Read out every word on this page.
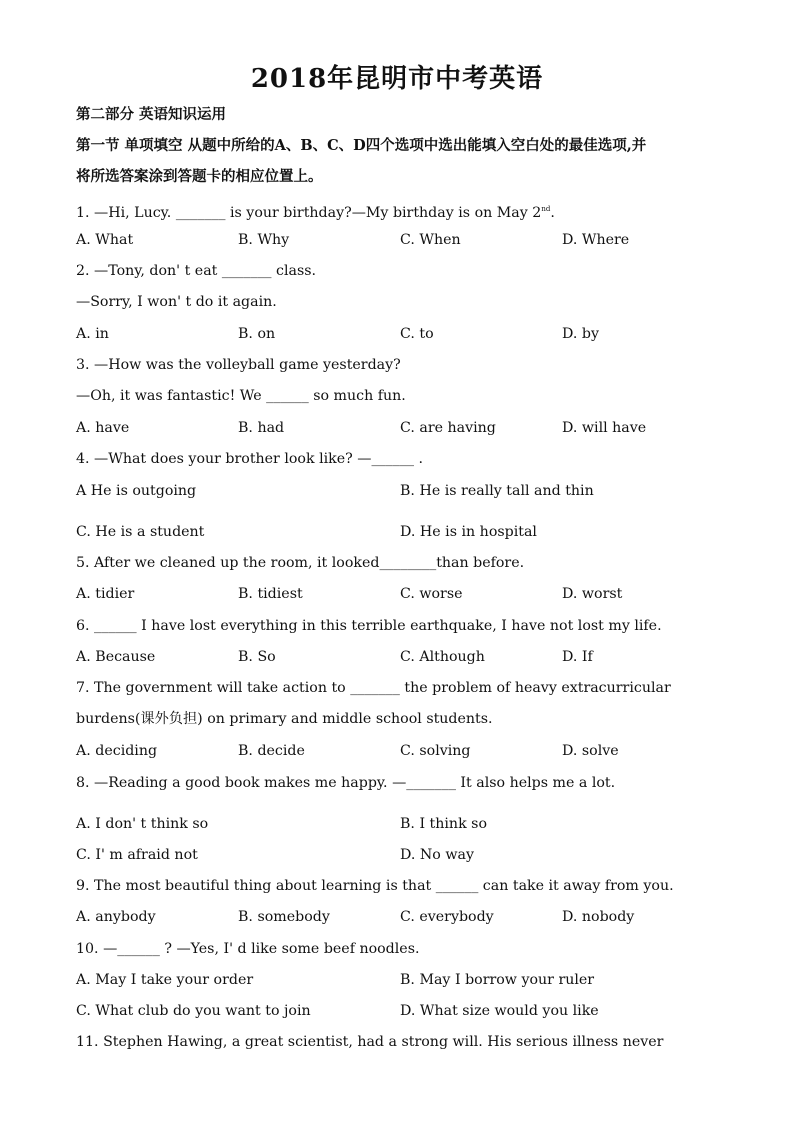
2018年昆明市中考英语
第二部分 英语知识运用
第一节 单项填空 从题中所给的A、B、C、D四个选项中选出能填入空白处的最佳选项,并
将所选答案涂到答题卡的相应位置上。
1. —Hi, Lucy. _______ is your birthday?—My birthday is on May 2nd.
A. What	B. Why	C. When	D. Where
2. —Tony, don' t eat _______ class.
—Sorry, I won' t do it again.
A. in	B. on	C. to	D. by
3. —How was the volleyball game yesterday?
—Oh, it was fantastic! We ______ so much fun.
A. have	B. had	C. are having	D. will have
4. —What does your brother look like? —______ .
A He is outgoing	B. He is really tall and thin
C. He is a student	D. He is in hospital
5. After we cleaned up the room, it looked________than before.
A. tidier	B. tidiest	C. worse	D. worst
6. ______ I have lost everything in this terrible earthquake, I have not lost my life.
A. Because	B. So	C. Although	D. If
7. The government will take action to _______ the problem of heavy extracurricular
burdens(课外负担) on primary and middle school students.
A. deciding	B. decide	C. solving	D. solve
8. —Reading a good book makes me happy. —_______ It also helps me a lot.
A. I don' t think so	B. I think so
C. I' m afraid not	D. No way
9. The most beautiful thing about learning is that ______ can take it away from you.
A. anybody	B. somebody	C. everybody	D. nobody
10. —______ ? —Yes, I' d like some beef noodles.
A. May I take your order	B. May I borrow your ruler
C. What club do you want to join	D. What size would you like
11. Stephen Hawing, a great scientist, had a strong will. His serious illness never
